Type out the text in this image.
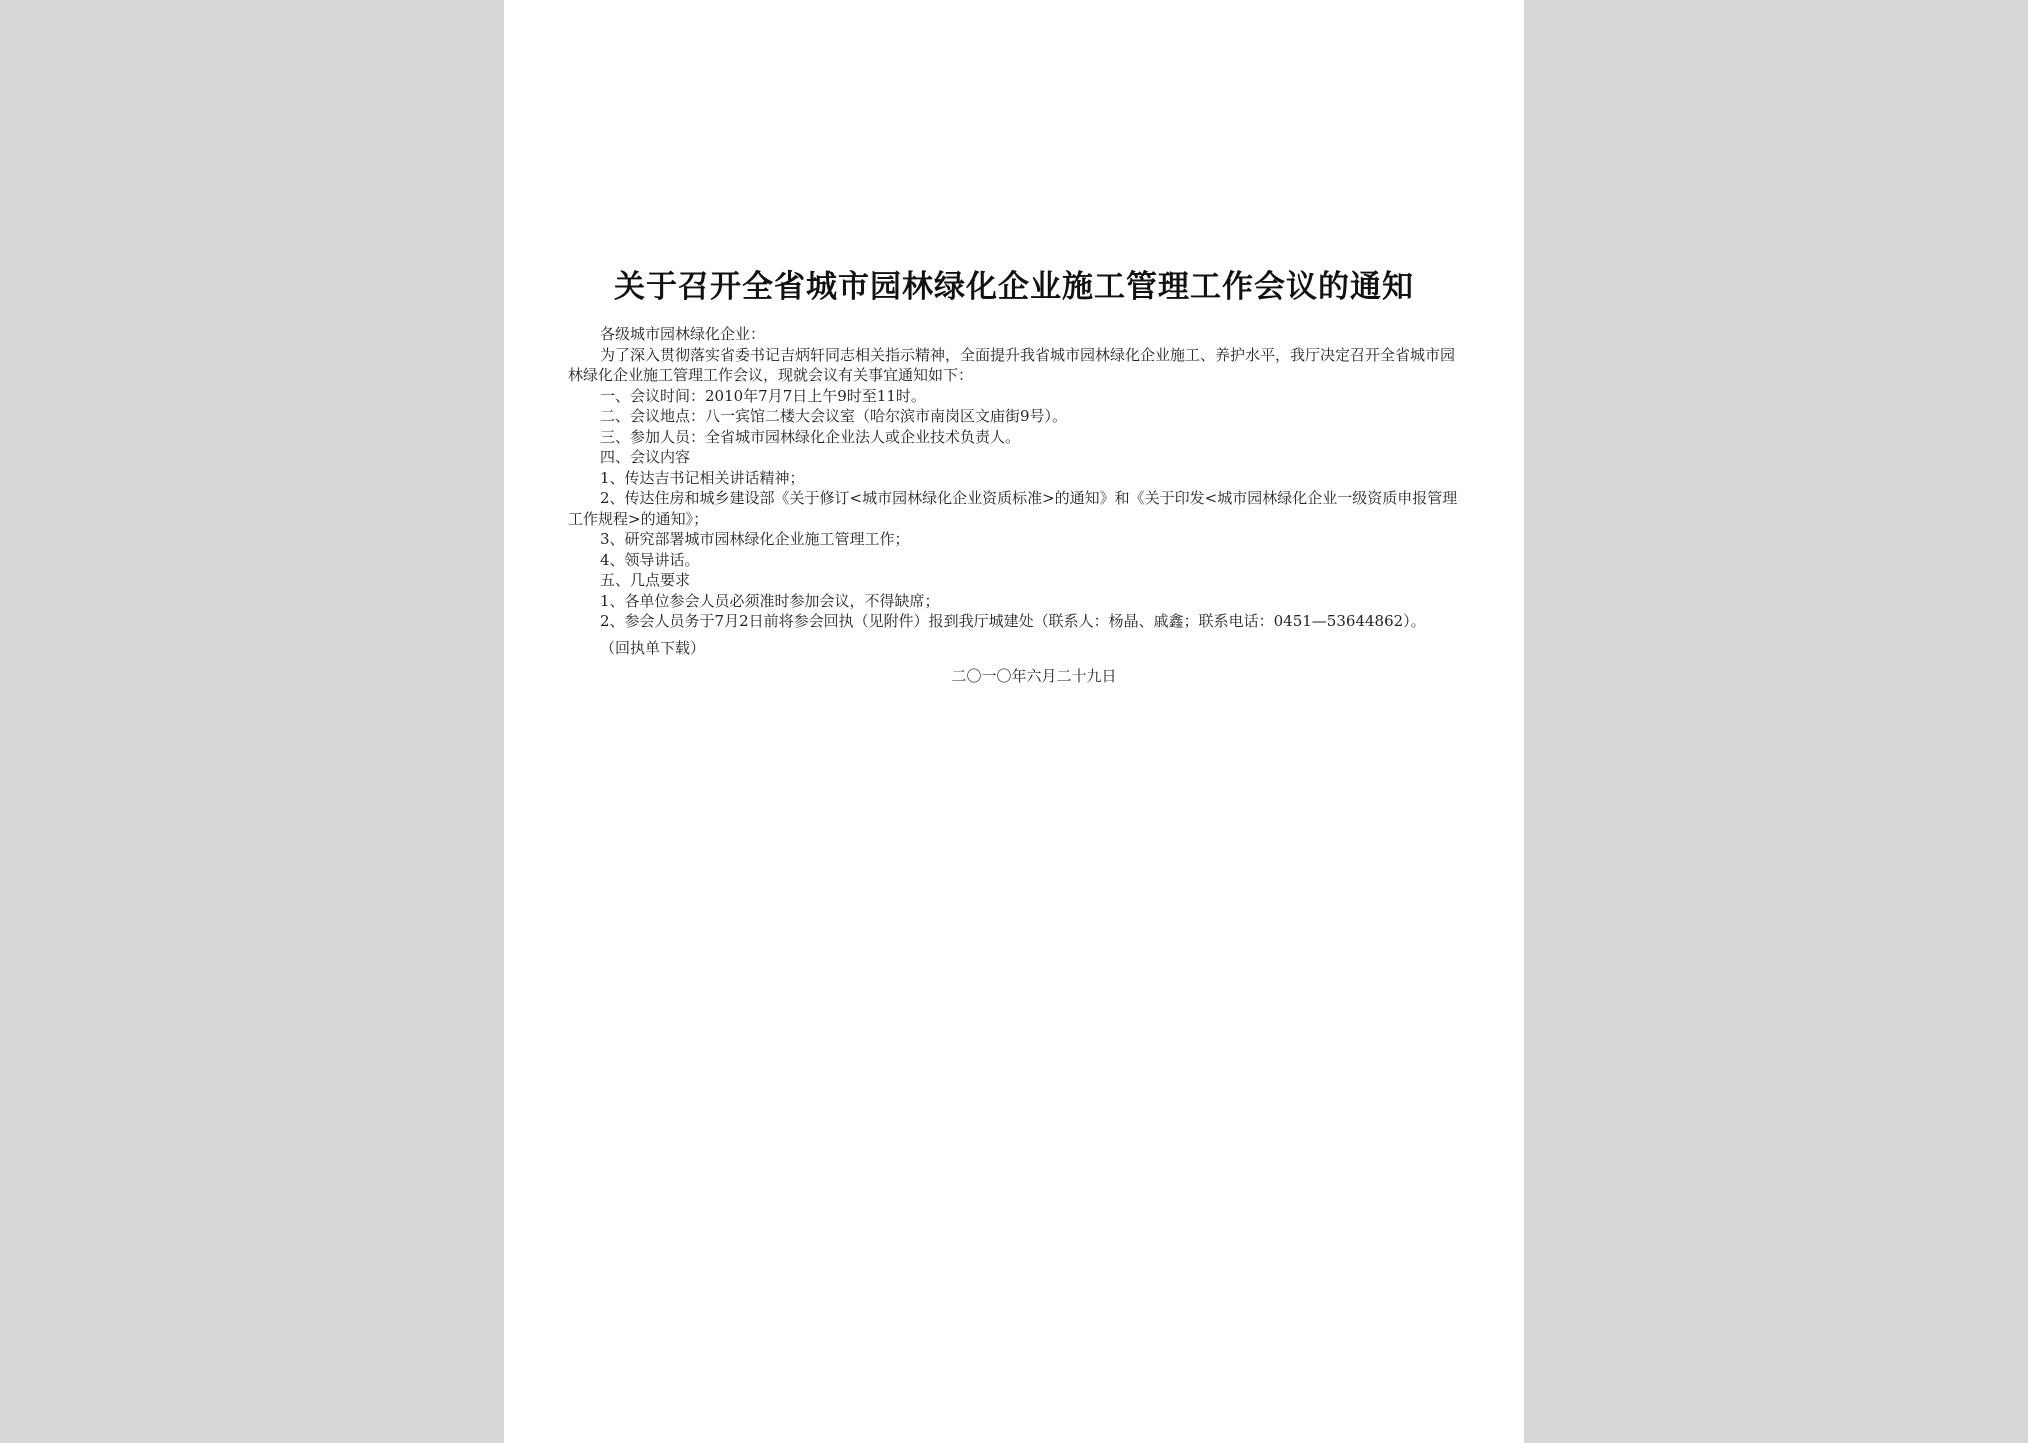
关于召开全省城市园林绿化企业施工管理工作会议的通知
各级城市园林绿化企业：
为了深入贯彻落实省委书记吉炳轩同志相关指示精神，全面提升我省城市园林绿化企业施工、养护水平，我厅决定召开全省城市园林绿化企业施工管理工作会议，现就会议有关事宜通知如下：
一、会议时间：2010年7月7日上午9时至11时。
二、会议地点：八一宾馆二楼大会议室（哈尔滨市南岗区文庙街9号）。
三、参加人员：全省城市园林绿化企业法人或企业技术负责人。
四、会议内容
1、传达吉书记相关讲话精神；
2、传达住房和城乡建设部《关于修订<城市园林绿化企业资质标准>的通知》和《关于印发<城市园林绿化企业一级资质申报管理工作规程>的通知》；
3、研究部署城市园林绿化企业施工管理工作；
4、领导讲话。
五、几点要求
1、各单位参会人员必须准时参加会议，不得缺席；
2、参会人员务于7月2日前将参会回执（见附件）报到我厅城建处（联系人：杨晶、戚鑫；联系电话：0451—53644862）。
（回执单下载）
二〇一〇年六月二十九日
